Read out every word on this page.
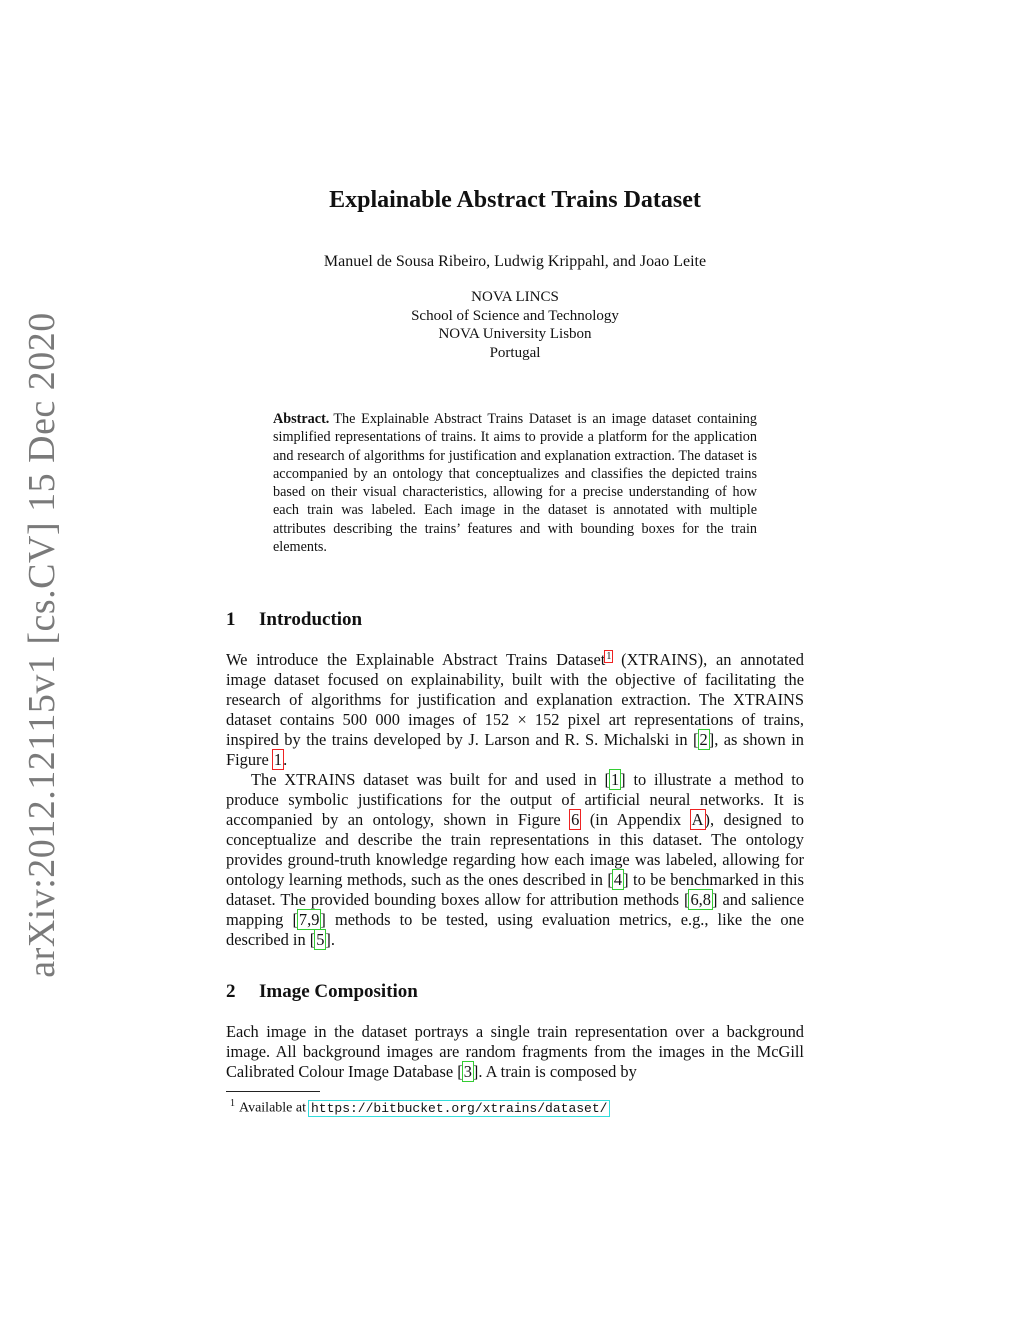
arXiv:2012.12115v1 [cs.CV] 15 Dec 2020
Explainable Abstract Trains Dataset
Manuel de Sousa Ribeiro, Ludwig Krippahl, and Joao Leite
NOVA LINCS
School of Science and Technology
NOVA University Lisbon
Portugal

Abstract. The Explainable Abstract Trains Dataset is an image dataset containing simplified representations of trains. It aims to provide a platform for the application and research of algorithms for justification and explanation extraction. The dataset is accompanied by an ontology that conceptualizes and classifies the depicted trains based on their visual characteristics, allowing for a precise understanding of how each train was labeled. Each image in the dataset is annotated with multiple attributes describing the trains’ features and with bounding boxes for the train elements.

1 Introduction

We introduce the Explainable Abstract Trains Dataset$^1$ (XTRAINS), an annotated image dataset focused on explainability, built with the objective of facilitating the research of algorithms for justification and explanation extraction. The XTRAINS dataset contains 500 000 images of 152 × 152 pixel art representations of trains, inspired by the trains developed by J. Larson and R. S. Michalski in [2], as shown in Figure 1.

The XTRAINS dataset was built for and used in [1] to illustrate a method to produce symbolic justifications for the output of artificial neural networks. It is accompanied by an ontology, shown in Figure 6 (in Appendix A), designed to conceptualize and describe the train representations in this dataset. The ontology provides ground-truth knowledge regarding how each image was labeled, allowing for ontology learning methods, such as the ones described in [4] to be benchmarked in this dataset. The provided bounding boxes allow for attribution methods [6,8] and salience mapping [7,9] methods to be tested, using evaluation metrics, e.g., like the one described in [5].

2 Image Composition

Each image in the dataset portrays a single train representation over a background image. All background images are random fragments from the images in the McGill Calibrated Colour Image Database [3]. A train is composed by

$^1$ Available at https://bitbucket.org/xtrains/dataset/
